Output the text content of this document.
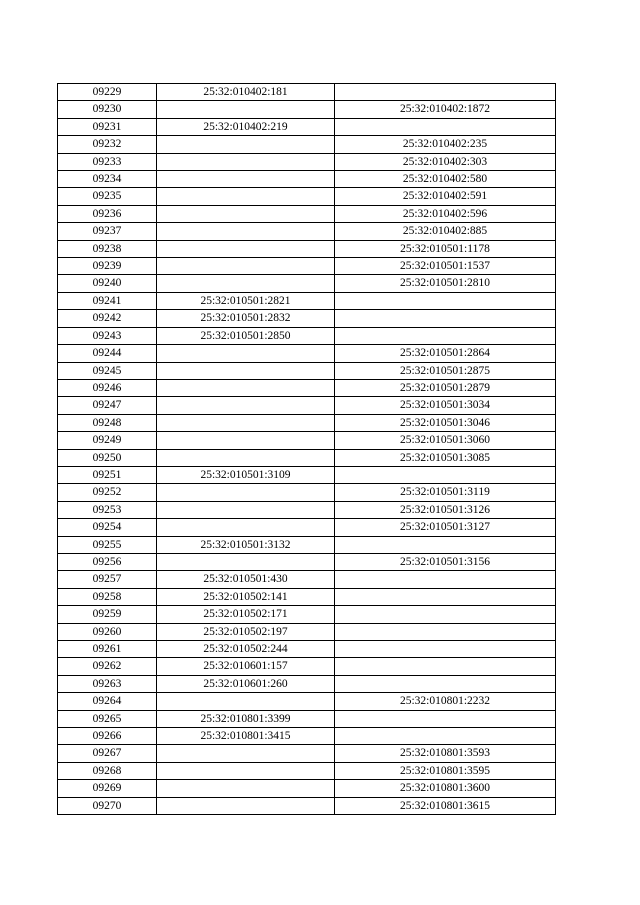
09229	25:32:010402:181	
09230		25:32:010402:1872
09231	25:32:010402:219	
09232		25:32:010402:235
09233		25:32:010402:303
09234		25:32:010402:580
09235		25:32:010402:591
09236		25:32:010402:596
09237		25:32:010402:885
09238		25:32:010501:1178
09239		25:32:010501:1537
09240		25:32:010501:2810
09241	25:32:010501:2821	
09242	25:32:010501:2832	
09243	25:32:010501:2850	
09244		25:32:010501:2864
09245		25:32:010501:2875
09246		25:32:010501:2879
09247		25:32:010501:3034
09248		25:32:010501:3046
09249		25:32:010501:3060
09250		25:32:010501:3085
09251	25:32:010501:3109	
09252		25:32:010501:3119
09253		25:32:010501:3126
09254		25:32:010501:3127
09255	25:32:010501:3132	
09256		25:32:010501:3156
09257	25:32:010501:430	
09258	25:32:010502:141	
09259	25:32:010502:171	
09260	25:32:010502:197	
09261	25:32:010502:244	
09262	25:32:010601:157	
09263	25:32:010601:260	
09264		25:32:010801:2232
09265	25:32:010801:3399	
09266	25:32:010801:3415	
09267		25:32:010801:3593
09268		25:32:010801:3595
09269		25:32:010801:3600
09270		25:32:010801:3615
